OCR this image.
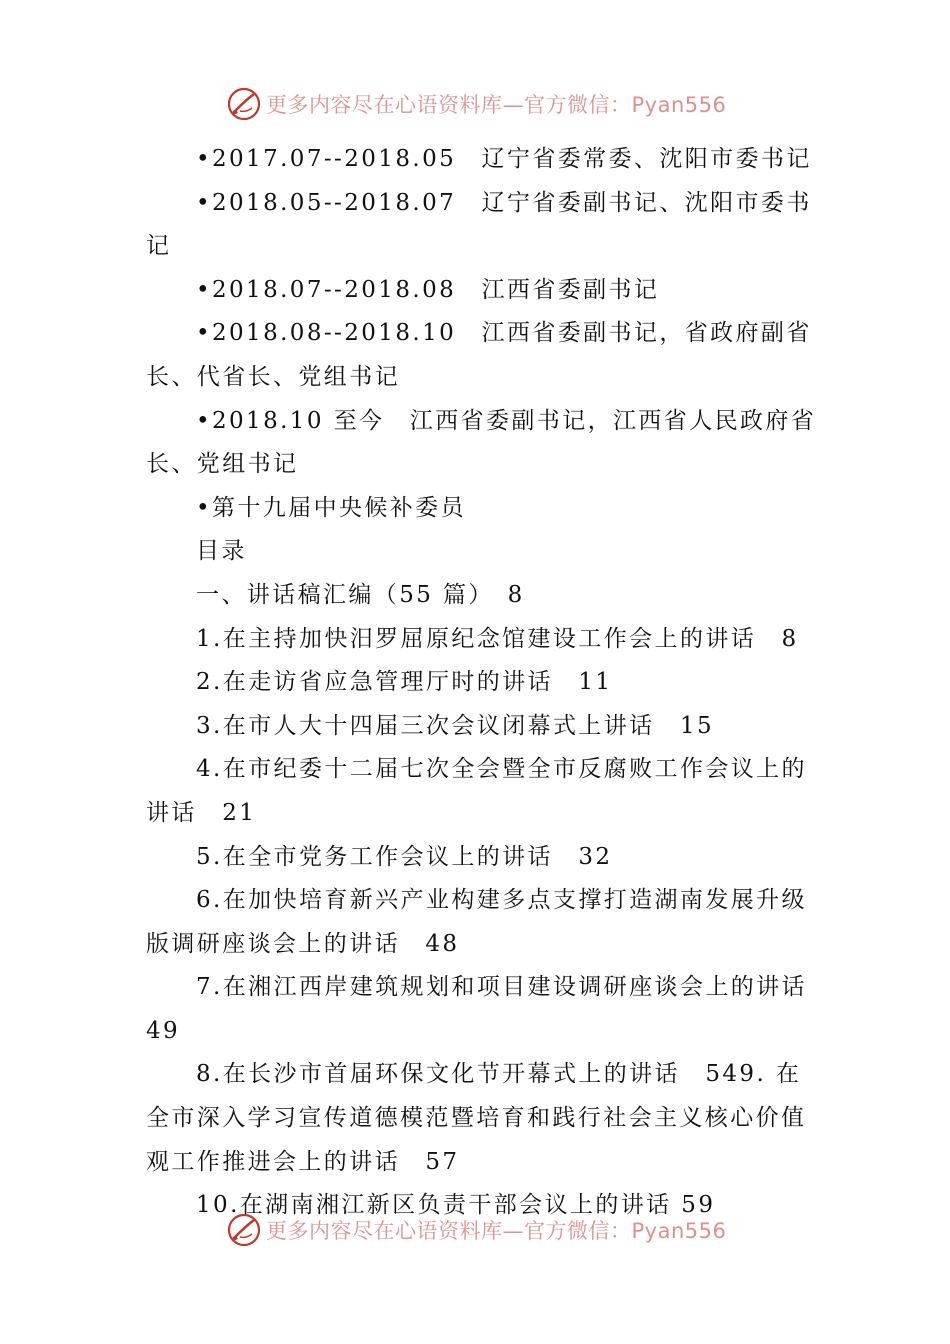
更多内容尽在心语资料库—官方微信：Pyan556

•2017.07--2018.05　辽宁省委常委、沈阳市委书记

•2018.05--2018.07　辽宁省委副书记、沈阳市委书记

•2018.07--2018.08　江西省委副书记

•2018.08--2018.10　江西省委副书记，省政府副省长、代省长、党组书记

•2018.10 至今　江西省委副书记，江西省人民政府省长、党组书记

•第十九届中央候补委员

目录

一、讲话稿汇编（55 篇）　8

1.在主持加快汨罗屈原纪念馆建设工作会上的讲话　8

2.在走访省应急管理厅时的讲话　11

3.在市人大十四届三次会议闭幕式上讲话　15

4.在市纪委十二届七次全会暨全市反腐败工作会议上的讲话　21

5.在全市党务工作会议上的讲话　32

6.在加快培育新兴产业构建多点支撑打造湖南发展升级版调研座谈会上的讲话　48

7.在湘江西岸建筑规划和项目建设调研座谈会上的讲话 49

8.在长沙市首届环保文化节开幕式上的讲话　549. 在全市深入学习宣传道德模范暨培育和践行社会主义核心价值观工作推进会上的讲话　57

10.在湖南湘江新区负责干部会议上的讲话 59

更多内容尽在心语资料库—官方微信：Pyan556
